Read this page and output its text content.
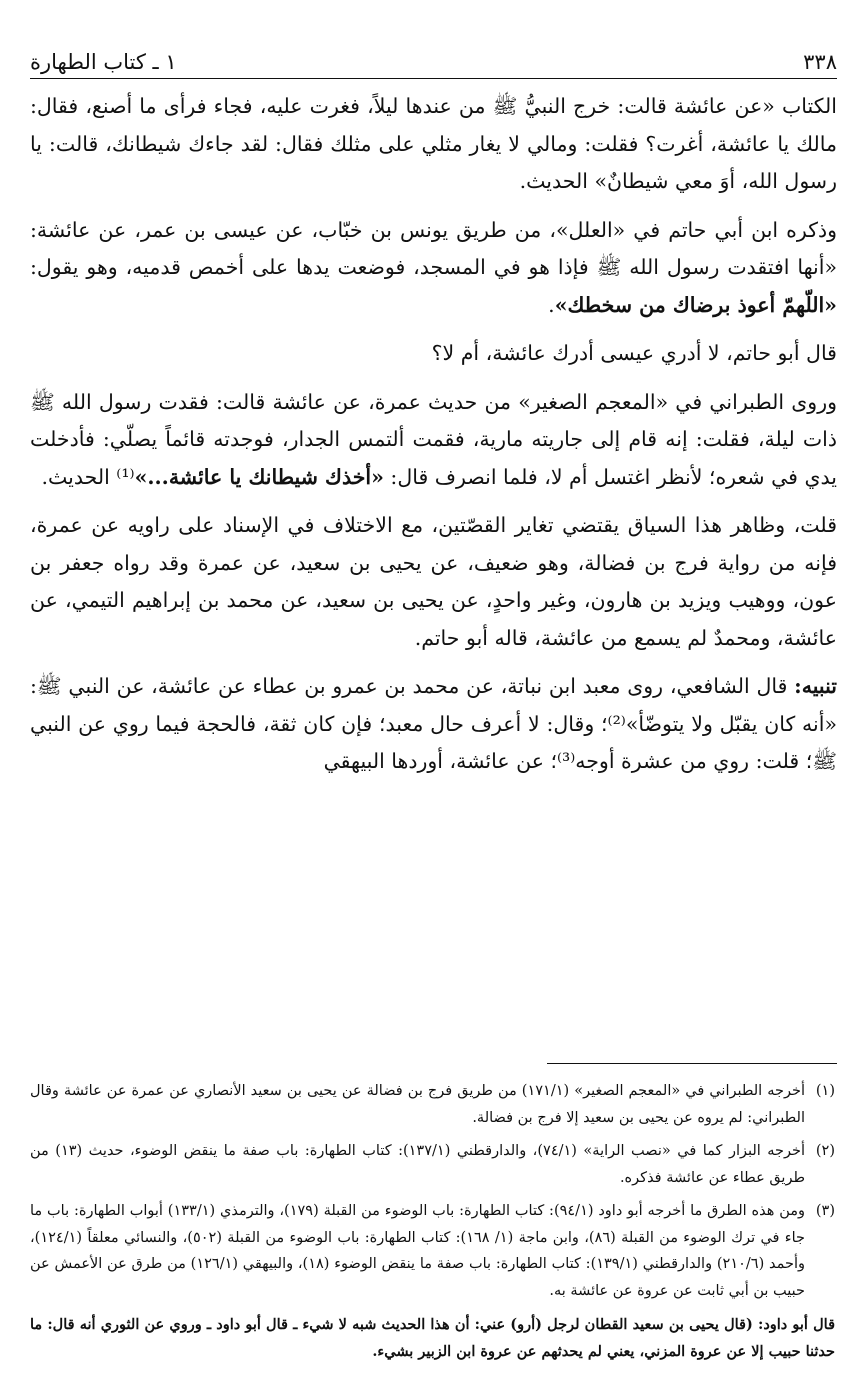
٣٣٨
١ ـ كتاب الطهارة

الكتاب «عن عائشة قالت: خرج النبيُّ ﷺ من عندها ليلاً، فغرت عليه، فجاء فرأى ما أصنع، فقال: مالك يا عائشة، أغرت؟ فقلت: ومالي لا يغار مثلي على مثلك فقال: لقد جاءك شيطانك، قالت: يا رسول الله، أوَ معي شيطانٌ» الحديث.

وذكره ابن أبي حاتم في «العلل»، من طريق يونس بن خبّاب، عن عيسى بن عمر، عن عائشة: «أنها افتقدت رسول الله ﷺ فإذا هو في المسجد، فوضعت يدها على أخمص قدميه، وهو يقول: «اللّهمّ أعوذ برضاك من سخطك».

قال أبو حاتم، لا أدري عيسى أدرك عائشة، أم لا؟

وروى الطبراني في «المعجم الصغير» من حديث عمرة، عن عائشة قالت: فقدت رسول الله ﷺ ذات ليلة، فقلت: إنه قام إلى جاريته مارية، فقمت ألتمس الجدار، فوجدته قائماً يصلّي: فأدخلت يدي في شعره؛ لأنظر اغتسل أم لا، فلما انصرف قال: «أخذك شيطانك يا عائشة...»⁽¹⁾ الحديث.

قلت، وظاهر هذا السياق يقتضي تغاير القصّتين، مع الاختلاف في الإسناد على راويه عن عمرة، فإنه من رواية فرج بن فضالة، وهو ضعيف، عن يحيى بن سعيد، عن عمرة وقد رواه جعفر بن عون، ووهيب ويزيد بن هارون، وغير واحدٍ، عن يحيى بن سعيد، عن محمد بن إبراهيم التيمي، عن عائشة، ومحمدٌ لم يسمع من عائشة، قاله أبو حاتم.

تنبيه: قال الشافعي، روى معبد ابن نباتة، عن محمد بن عمرو بن عطاء عن عائشة، عن النبي ﷺ: «أنه كان يقبّل ولا يتوضّأ»⁽²⁾؛ وقال: لا أعرف حال معبد؛ فإن كان ثقة، فالحجة فيما روي عن النبي ﷺ؛ قلت: روي من عشرة أوجه⁽³⁾؛ عن عائشة، أوردها البيهقي

(١)
أخرجه الطبراني في «المعجم الصغير» (١٧١/١) من طريق فرج بن فضالة عن يحيى بن سعيد الأنصاري عن عمرة عن عائشة وقال الطبراني: لم يروه عن يحيى بن سعيد إلا فرج بن فضالة.
(٢)
أخرجه البزار كما في «نصب الراية» (٧٤/١)، والدارقطني (١٣٧/١): كتاب الطهارة: باب صفة ما ينقض الوضوء، حديث (١٣) من طريق عطاء عن عائشة فذكره.
(٣)
ومن هذه الطرق ما أخرجه أبو داود (٩٤/١): كتاب الطهارة: باب الوضوء من القبلة (١٧٩)، والترمذي (١٣٣/١) أبواب الطهارة: باب ما جاء في ترك الوضوء من القبلة (٨٦)، وابن ماجة (١/ ١٦٨): كتاب الطهارة: باب الوضوء من القبلة (٥٠٢)، والنسائي معلقاً (١٢٤/١)، وأحمد (٢١٠/٦) والدارقطني (١٣٩/١): كتاب الطهارة: باب صفة ما ينقض الوضوء (١٨)، والبيهقي (١٢٦/١) من طرق عن الأعمش عن حبيب بن أبي ثابت عن عروة عن عائشة به.
قال أبو داود: (قال يحيى بن سعيد القطان لرجل (أرو) عني: أن هذا الحديث شبه لا شيء ـ قال أبو داود ـ وروي عن الثوري أنه قال: ما حدثنا حبيب إلا عن عروة المزني، يعني لم يحدثهم عن عروة ابن الزبير بشيء.
